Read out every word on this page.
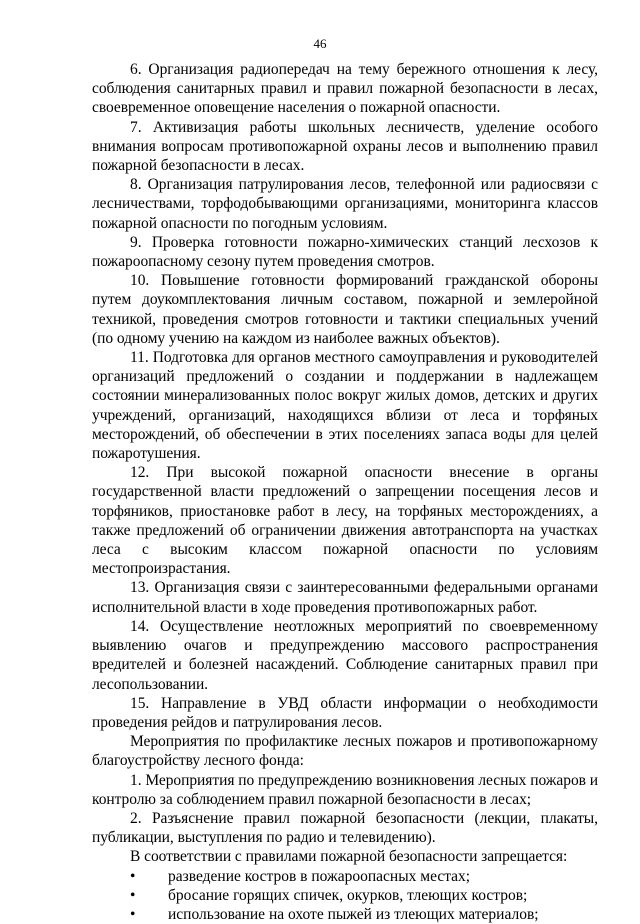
46

6. Организация радиопередач на тему бережного отношения к лесу, соблюдения санитарных правил и правил пожарной безопасности в лесах, своевременное оповещение населения о пожарной опасности.

7. Активизация работы школьных лесничеств, уделение особого внимания вопросам противопожарной охраны лесов и выполнению правил пожарной безопасности в лесах.

8. Организация патрулирования лесов, телефонной или радиосвязи с лесничествами, торфодобывающими организациями, мониторинга классов пожарной опасности по погодным условиям.

9. Проверка готовности пожарно-химических станций лесхозов к пожароопасному сезону путем проведения смотров.

10. Повышение готовности формирований гражданской обороны путем доукомплектования личным составом, пожарной и землеройной техникой, проведения смотров готовности и тактики специальных учений (по одному учению на каждом из наиболее важных объектов).

11. Подготовка для органов местного самоуправления и руководителей организаций предложений о создании и поддержании в надлежащем состоянии минерализованных полос вокруг жилых домов, детских и других учреждений, организаций, находящихся вблизи от леса и торфяных месторождений, об обеспечении в этих поселениях запаса воды для целей пожаротушения.

12. При высокой пожарной опасности внесение в органы государственной власти предложений о запрещении посещения лесов и торфяников, приостановке работ в лесу, на торфяных месторождениях, а также предложений об ограничении движения автотранспорта на участках леса с высоким классом пожарной опасности по условиям местопроизрастания.

13. Организация связи с заинтересованными федеральными органами исполнительной власти в ходе проведения противопожарных работ.

14. Осуществление неотложных мероприятий по своевременному выявлению очагов и предупреждению массового распространения вредителей и болезней насаждений. Соблюдение санитарных правил при лесопользовании.

15. Направление в УВД области информации о необходимости проведения рейдов и патрулирования лесов.

Мероприятия по профилактике лесных пожаров и противопожарному благоустройству лесного фонда:

1. Мероприятия по предупреждению возникновения лесных пожаров и контролю за соблюдением правил пожарной безопасности в лесах;

2. Разъяснение правил пожарной безопасности (лекции, плакаты, публикации, выступления по радио и телевидению).

В соответствии с правилами пожарной безопасности запрещается:

• разведение костров в пожароопасных местах;
• бросание горящих спичек, окурков, тлеющих костров;
• использование на охоте пыжей из тлеющих материалов;
